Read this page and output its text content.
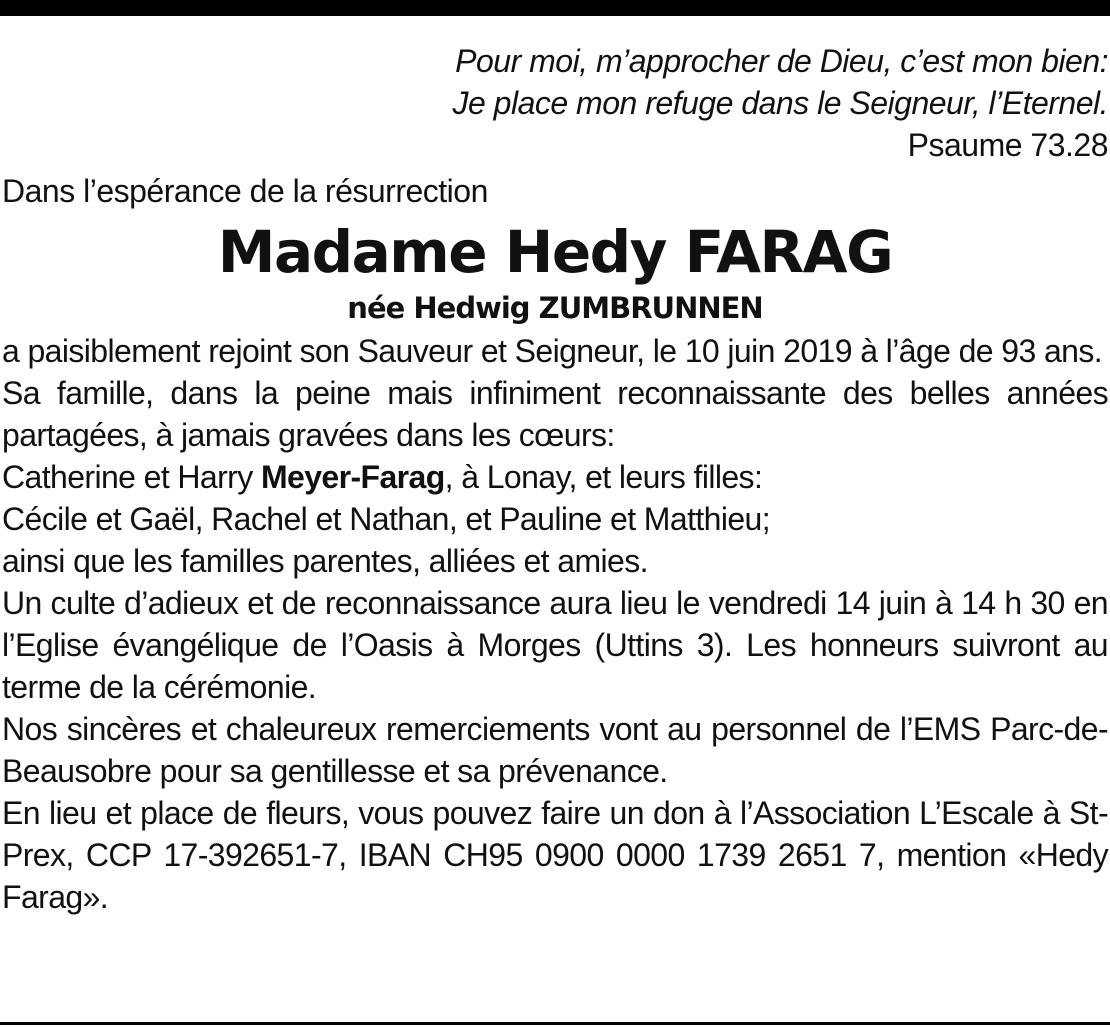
Pour moi, m’approcher de Dieu, c’est mon bien:
Je place mon refuge dans le Seigneur, l’Eternel.
Psaume 73.28
Dans l’espérance de la résurrection
Madame Hedy FARAG
née Hedwig ZUMBRUNNEN

a paisiblement rejoint son Sauveur et Seigneur, le 10 juin 2019 à l’âge de 93 ans.

Sa famille, dans la peine mais infiniment reconnaissante des belles années partagées, à jamais gravées dans les cœurs:

Catherine et Harry Meyer-Farag, à Lonay, et leurs filles:

Cécile et Gaël, Rachel et Nathan, et Pauline et Matthieu;

ainsi que les familles parentes, alliées et amies.

Un culte d’adieux et de reconnaissance aura lieu le vendredi 14 juin à 14 h 30 en l’Eglise évangélique de l’Oasis à Morges (Uttins 3). Les honneurs suivront au terme de la cérémonie.

Nos sincères et chaleureux remerciements vont au personnel de l’EMS Parc-de-Beausobre pour sa gentillesse et sa prévenance.

En lieu et place de fleurs, vous pouvez faire un don à l’Association L’Escale à St-Prex, CCP 17-392651-7, IBAN CH95 0900 0000 1739 2651 7, mention «Hedy Farag».
